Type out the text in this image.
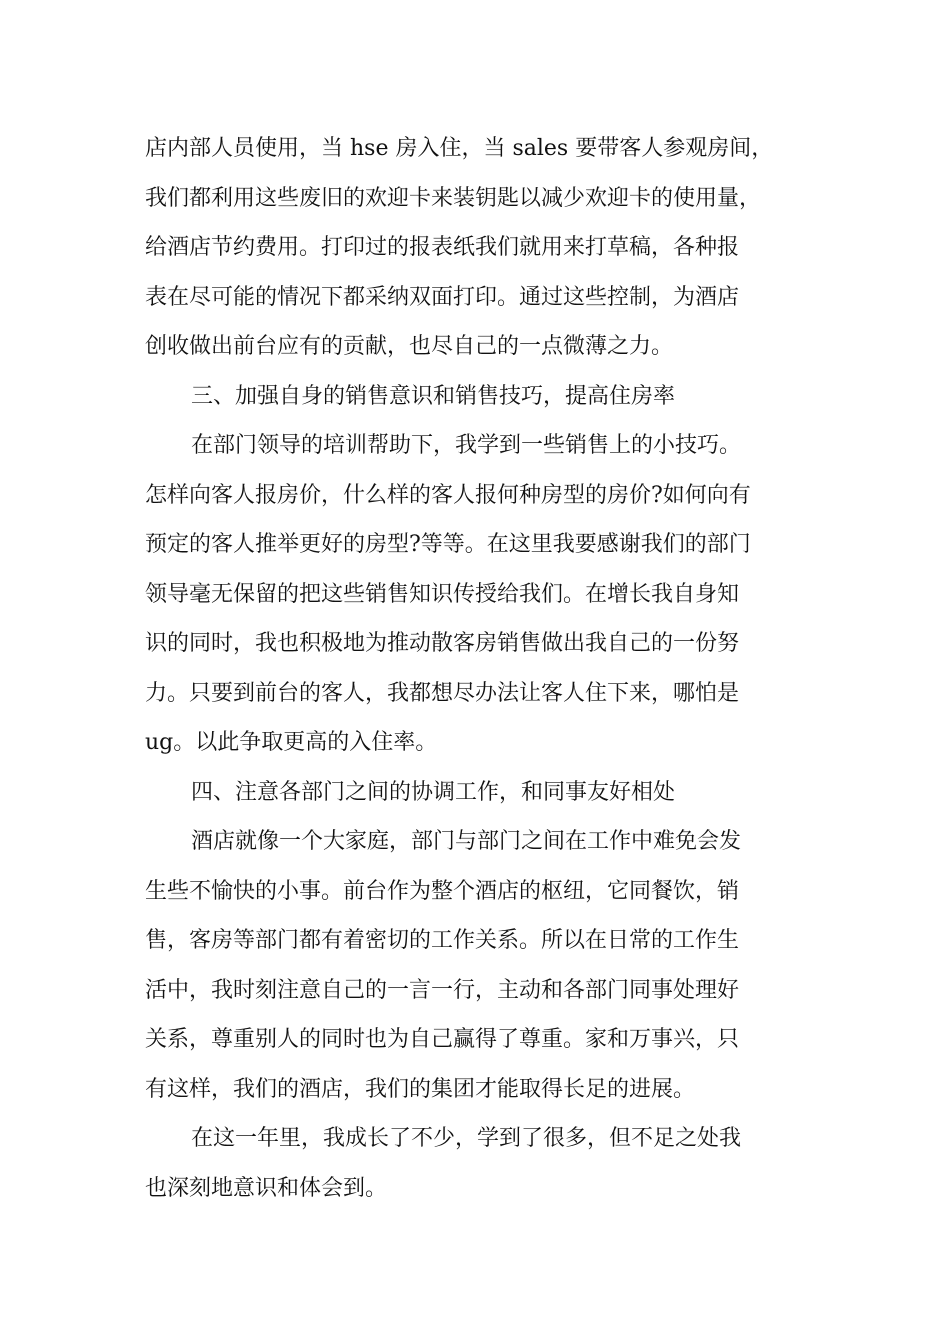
店内部人员使用，当 hse 房入住，当 sales 要带客人参观房间，
我们都利用这些废旧的欢迎卡来装钥匙以减少欢迎卡的使用量，
给酒店节约费用。打印过的报表纸我们就用来打草稿，各种报
表在尽可能的情况下都采纳双面打印。通过这些控制，为酒店
创收做出前台应有的贡献，也尽自己的一点微薄之力。
三、加强自身的销售意识和销售技巧，提高住房率
在部门领导的培训帮助下，我学到一些销售上的小技巧。
怎样向客人报房价，什么样的客人报何种房型的房价?如何向有
预定的客人推举更好的房型?等等。在这里我要感谢我们的部门
领导毫无保留的把这些销售知识传授给我们。在增长我自身知
识的同时，我也积极地为推动散客房销售做出我自己的一份努
力。只要到前台的客人，我都想尽办法让客人住下来，哪怕是
ug。以此争取更高的入住率。
四、注意各部门之间的协调工作，和同事友好相处
酒店就像一个大家庭，部门与部门之间在工作中难免会发
生些不愉快的小事。前台作为整个酒店的枢纽，它同餐饮，销
售，客房等部门都有着密切的工作关系。所以在日常的工作生
活中，我时刻注意自己的一言一行，主动和各部门同事处理好
关系，尊重别人的同时也为自己赢得了尊重。家和万事兴，只
有这样，我们的酒店，我们的集团才能取得长足的进展。
在这一年里，我成长了不少，学到了很多，但不足之处我
也深刻地意识和体会到。
